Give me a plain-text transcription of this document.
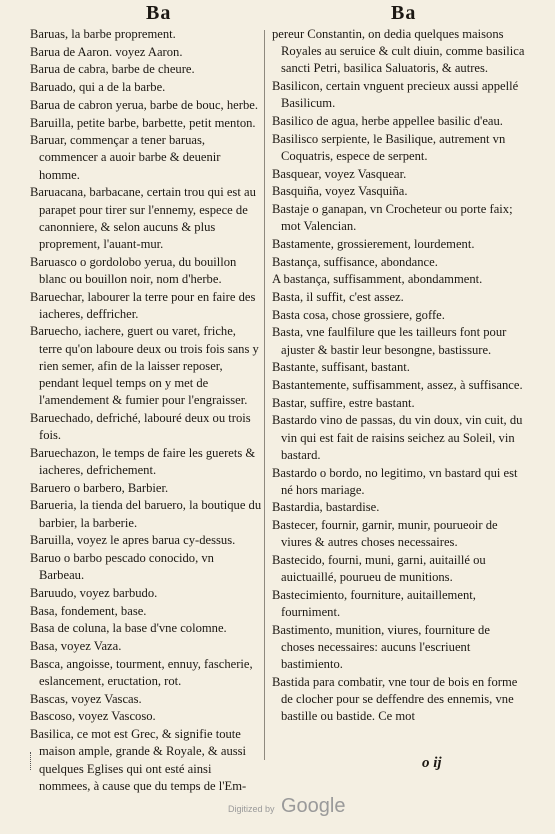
Ba	Ba
Baruas, la barbe proprement.
Barua de Aaron. voyez Aaron.
Barua de cabra, barbe de cheure.
Baruado, qui a de la barbe.
Barua de cabron yerua, barbe de bouc, herbe.
Baruilla, petite barbe, barbette, petit menton.
Baruar, commençar a tener baruas, commencer a auoir barbe & deuenir homme.
Baruacana, barbacane, certain trou qui est au parapet pour tirer sur l'ennemy, espece de canonniere, & selon aucuns & plus proprement, l'auant-mur.
Baruasco o gordolobo yerua, du bouillon blanc ou bouillon noir, nom d'herbe.
Baruechar, labourer la terre pour en faire des iacheres, deffricher.
Baruecho, iachere, guert ou varet, friche, terre qu'on laboure deux ou trois fois sans y rien semer, afin de la laisser reposer, pendant lequel temps on y met de l'amendement & fumier pour l'engraisser.
Baruechado, defriché, labouré deux ou trois fois.
Baruechazon, le temps de faire les guerets & iacheres, defrichement.
Baruero o barbero, Barbier.
Barueria, la tienda del baruero, la boutique du barbier, la barberie.
Baruilla, voyez le apres barua cy-dessus.
Baruo o barbo pescado conocido, vn Barbeau.
Baruudo, voyez barbudo.
Basa, fondement, base.
Basa de coluna, la base d'vne colomne.
Basa, voyez Vaza.
Basca, angoisse, tourment, ennuy, fascherie, eslancement, eructation, rot.
Bascas, voyez Vascas.
Bascoso, voyez Vascoso.
Basilica, ce mot est Grec, & signifie toute maison ample, grande & Royale, & aussi quelques Eglises qui ont esté ainsi nommees, à cause que du temps de l'Em-
pereur Constantin, on dedia quelques maisons Royales au seruice & cult diuin, comme basilica sancti Petri, basilica Saluatoris, & autres.
Basilicon, certain vnguent precieux aussi appellé Basilicum.
Basilico de agua, herbe appellee basilic d'eau.
Basilisco serpiente, le Basilique, autrement vn Coquatris, espece de serpent.
Basquear, voyez Vasquear.
Basquiña, voyez Vasquiña.
Bastaje o ganapan, vn Crocheteur ou porte faix; mot Valencian.
Bastamente, grossierement, lourdement.
Bastança, suffisance, abondance.
A bastança, suffisamment, abondamment.
Basta, il suffit, c'est assez.
Basta cosa, chose grossiere, goffe.
Basta, vne faulfilure que les tailleurs font pour ajuster & bastir leur besongne, bastissure.
Bastante, suffisant, bastant.
Bastantemente, suffisamment, assez, à suffisance.
Bastar, suffire, estre bastant.
Bastardo vino de passas, du vin doux, vin cuit, du vin qui est fait de raisins seichez au Soleil, vin bastard.
Bastardo o bordo, no legitimo, vn bastard qui est né hors mariage.
Bastardia, bastardise.
Bastecer, fournir, garnir, munir, pourueoir de viures & autres choses necessaires.
Bastecido, fourni, muni, garni, auitaillé ou auictuaillé, pourueu de munitions.
Bastecimiento, fourniture, auitaillement, fourniment.
Bastimento, munition, viures, fourniture de choses necessaires: aucuns l'escriuent bastimiento.
Bastida para combatir, vne tour de bois en forme de clocher pour se deffendre des ennemis, vne bastille ou bastide. Ce mot
o ij
Digitized by Google
